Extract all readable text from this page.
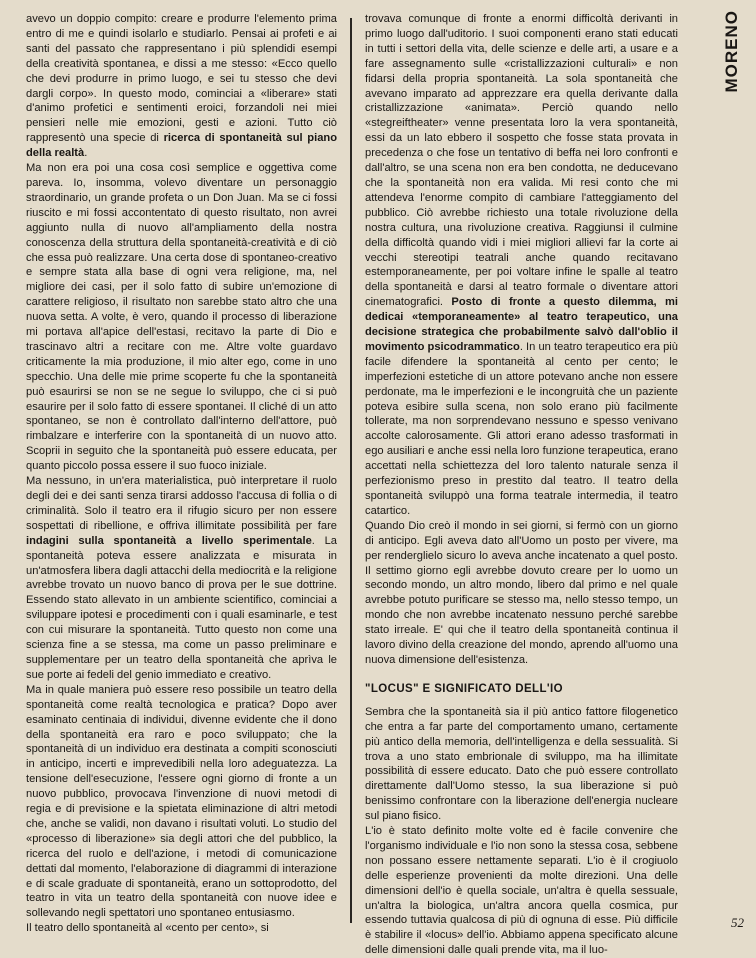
MORENO

avevo un doppio compito: creare e produrre l'elemento prima entro di me e quindi isolarlo e studiarlo. Pensai ai profeti e ai santi del passato che rappresentano i più splendidi esempi della creatività spontanea, e dissi a me stesso: «Ecco quello che devi produrre in primo luogo, e sei tu stesso che devi dargli corpo». In questo modo, cominciai a «liberare» stati d'animo profetici e sentimenti eroici, forzandoli nei miei pensieri nelle mie emozioni, gesti e azioni. Tutto ciò rappresentò una specie di ricerca di spontaneità sul piano della realtà.

Ma non era poi una cosa così semplice e oggettiva come pareva. Io, insomma, volevo diventare un personaggio straordinario, un grande profeta o un Don Juan. Ma se ci fossi riuscito e mi fossi accontentato di questo risultato, non avrei aggiunto nulla di nuovo all'ampliamento della nostra conoscenza della struttura della spontaneità-creatività e di ciò che essa può realizzare. Una certa dose di spontaneo-creativo e sempre stata alla base di ogni vera religione, ma, nel migliore dei casi, per il solo fatto di subire un'emozione di carattere religioso, il risultato non sarebbe stato altro che una nuova setta. A volte, è vero, quando il processo di liberazione mi portava all'apice dell'estasi, recitavo la parte di Dio e trascinavo altri a recitare con me. Altre volte guardavo criticamente la mia produzione, il mio alter ego, come in uno specchio. Una delle mie prime scoperte fu che la spontaneità può esaurirsi se non se ne segue lo sviluppo, che ci si può esaurire per il solo fatto di essere spontanei. Il cliché di un atto spontaneo, se non è controllato dall'interno dell'attore, può rimbalzare e interferire con la spontaneità di un nuovo atto. Scoprii in seguito che la spontaneità può essere educata, per quanto piccolo possa essere il suo fuoco iniziale.

Ma nessuno, in un'era materialistica, può interpretare il ruolo degli dei e dei santi senza tirarsi addosso l'accusa di follia o di criminalità. Solo il teatro era il rifugio sicuro per non essere sospettati di ribellione, e offriva illimitate possibilità per fare indagini sulla spontaneità a livello sperimentale. La spontaneità poteva essere analizzata e misurata in un'atmosfera libera dagli attacchi della mediocrità e la religione avrebbe trovato un nuovo banco di prova per le sue dottrine. Essendo stato allevato in un ambiente scientifico, cominciai a sviluppare ipotesi e procedimenti con i quali esaminarle, e test con cui misurare la spontaneità. Tutto questo non come una scienza fine a se stessa, ma come un passo preliminare e supplementare per un teatro della spontaneità che aprìva le sue porte ai fedeli del genio immediato e creativo.

Ma in quale maniera può essere reso possibile un teatro della spontaneità come realtà tecnologica e pratica? Dopo aver esaminato centinaia di individui, divenne evidente che il dono della spontaneità era raro e poco sviluppato; che la spontaneità di un individuo era destinata a compiti sconosciuti in anticipo, incerti e imprevedibili nella loro adeguatezza. La tensione dell'esecuzione, l'essere ogni giorno di fronte a un nuovo pubblico, provocava l'invenzione di nuovi metodi di regia e di previsione e la spietata eliminazione di altri metodi che, anche se validi, non davano i risultati voluti. Lo studio del «processo di liberazione» sia degli attori che del pubblico, la ricerca del ruolo e dell'azione, i metodi di comunicazione dettati dal momento, l'elaborazione di diagrammi di interazione e di scale graduate di spontaneità, erano un sottoprodotto, del teatro in vita un teatro della spontaneità con nuove idee e sollevando negli spettatori uno spontaneo entusiasmo.

Il teatro dello spontaneità al «cento per cento», si

trovava comunque di fronte a enormi difficoltà derivanti in primo luogo dall'uditorio. I suoi componenti erano stati educati in tutti i settori della vita, delle scienze e delle arti, a usare e a fare assegnamento sulle «cristallizzazioni culturali» e non fidarsi della propria spontaneità. La sola spontaneità che avevano imparato ad apprezzare era quella derivante dalla cristallizzazione «animata». Perciò quando nello «stegreiftheater» venne presentata loro la vera spontaneità, essi da un lato ebbero il sospetto che fosse stata provata in precedenza o che fose un tentativo di beffa nei loro confronti e dall'altro, se una scena non era ben condotta, ne deducevano che la spontaneità non era valida. Mi resi conto che mi attendeva l'enorme compito di cambiare l'atteggiamento del pubblico. Ciò avrebbe richiesto una totale rivoluzione della nostra cultura, una rivoluzione creativa. Raggiunsi il culmine della difficoltà quando vidi i miei migliori allievi far la corte ai vecchi stereotipi teatrali anche quando recitavano estemporaneamente, per poi voltare infine le spalle al teatro della spontaneità e darsi al teatro formale o diventare attori cinematografici. Posto di fronte a questo dilemma, mi dedicai «temporaneamente» al teatro terapeutico, una decisione strategica che probabilmente salvò dall'oblio il movimento psicodrammatico. In un teatro terapeutico era più facile difendere la spontaneità al cento per cento; le imperfezioni estetiche di un attore potevano anche non essere perdonate, ma le imperfezioni e le incongruità che un paziente poteva esibire sulla scena, non solo erano più facilmente tollerate, ma non sorprendevano nessuno e spesso venivano accolte calorosamente. Gli attori erano adesso trasformati in ego ausiliari e anche essi nella loro funzione terapeutica, erano accettati nella schiettezza del loro talento naturale senza il perfezionismo preso in prestito dal teatro. Il teatro della spontaneità sviluppò una forma teatrale intermedia, il teatro catartico.

Quando Dio creò il mondo in sei giorni, si fermò con un giorno di anticipo. Egli aveva dato all'Uomo un posto per vivere, ma per renderglielo sicuro lo aveva anche incatenato a quel posto. Il settimo giorno egli avrebbe dovuto creare per lo uomo un secondo mondo, un altro mondo, libero dal primo e nel quale avrebbe potuto purificare se stesso ma, nello stesso tempo, un mondo che non avrebbe incatenato nessuno perché sarebbe stato irreale. E' qui che il teatro della spontaneità continua il lavoro divino della creazione del mondo, aprendo all'uomo una nuova dimensione dell'esistenza.

"LOCUS" E SIGNIFICATO DELL'IO

Sembra che la spontaneità sia il più antico fattore filogenetico che entra a far parte del comportamento umano, certamente più antico della memoria, dell'intelligenza e della sessualità. Si trova a uno stato embrionale di sviluppo, ma ha illimitate possibilità di essere educato. Dato che può essere controllato direttamente dall'Uomo stesso, la sua liberazione si può benissimo confrontare con la liberazione dell'energia nucleare sul piano fisico.

L'io è stato definito molte volte ed è facile convenire che l'organismo individuale e l'io non sono la stessa cosa, sebbene non possano essere nettamente separati. L'io è il crogiuolo delle esperienze provenienti da molte direzioni. Una delle dimensioni dell'io è quella sociale, un'altra è quella sessuale, un'altra la biologica, un'altra ancora quella cosmica, pur essendo tuttavia qualcosa di più di ognuna di esse. Più difficile è stabilire il «locus» dell'io. Abbiamo appena specificato alcune delle dimensioni dalle quali prende vita, ma il luo-

52
